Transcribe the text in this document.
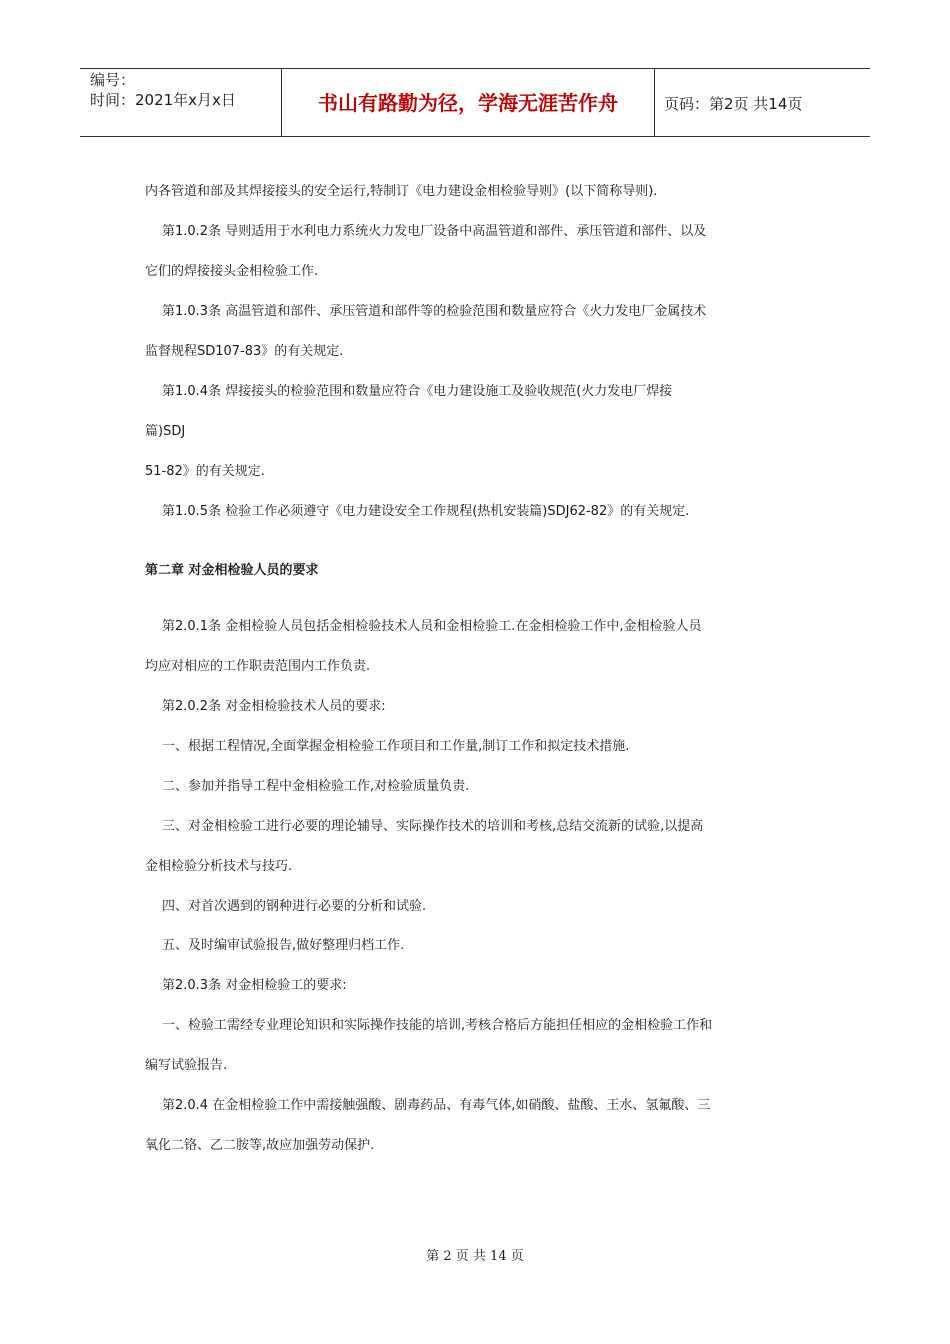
编号：
时间：2021年x月x日	书山有路勤为径，学海无涯苦作舟	页码：第2页 共14页
内各管道和部及其焊接接头的安全运行,特制订《电力建设金相检验导则》(以下简称导则).
第1.0.2条 导则适用于水利电力系统火力发电厂设备中高温管道和部件、承压管道和部件、以及
它们的焊接接头金相检验工作.
第1.0.3条 高温管道和部件、承压管道和部件等的检验范围和数量应符合《火力发电厂金属技术
监督规程SD107-83》的有关规定.
第1.0.4条 焊接接头的检验范围和数量应符合《电力建设施工及验收规范(火力发电厂焊接
篇)SDJ
51-82》的有关规定.
第1.0.5条 检验工作必须遵守《电力建设安全工作规程(热机安装篇)SDJ62-82》的有关规定.
第二章 对金相检验人员的要求
第2.0.1条 金相检验人员包括金相检验技术人员和金相检验工.在金相检验工作中,金相检验人员
均应对相应的工作职责范围内工作负责.
第2.0.2条 对金相检验技术人员的要求:
一、根据工程情况,全面掌握金相检验工作项目和工作量,制订工作和拟定技术措施.
二、参加并指导工程中金相检验工作,对检验质量负责.
三、对金相检验工进行必要的理论辅导、实际操作技术的培训和考核,总结交流新的试验,以提高
金相检验分析技术与技巧.
四、对首次遇到的钢种进行必要的分析和试验.
五、及时编审试验报告,做好整理归档工作.
第2.0.3条 对金相检验工的要求:
一、检验工需经专业理论知识和实际操作技能的培训,考核合格后方能担任相应的金相检验工作和
编写试验报告.
第2.0.4 在金相检验工作中需接触强酸、剧毒药品、有毒气体,如硝酸、盐酸、王水、氢氟酸、三
氧化二铬、乙二胺等,故应加强劳动保护.
第 2 页 共 14 页
